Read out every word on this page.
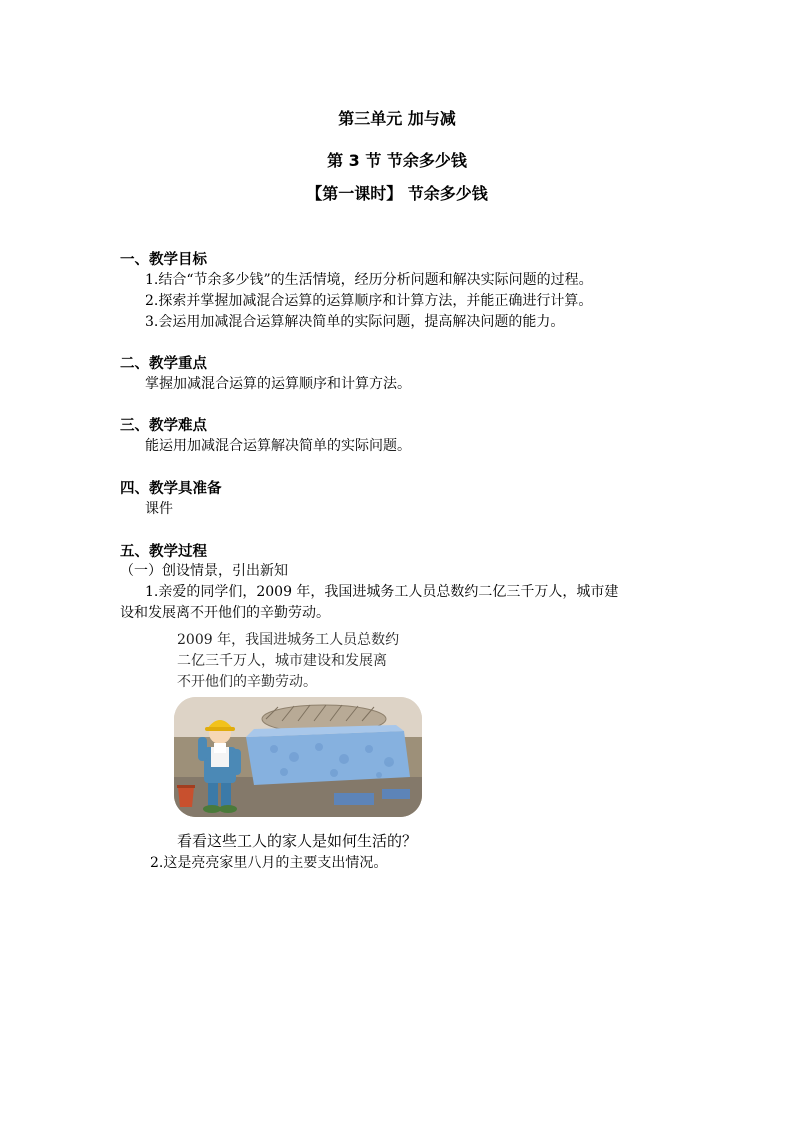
第三单元 加与减
第 3 节 节余多少钱
【第一课时】 节余多少钱
一、教学目标
1.结合“节余多少钱”的生活情境，经历分析问题和解决实际问题的过程。
2.探索并掌握加减混合运算的运算顺序和计算方法，并能正确进行计算。
3.会运用加减混合运算解决简单的实际问题，提高解决问题的能力。
二、教学重点
掌握加减混合运算的运算顺序和计算方法。
三、教学难点
能运用加减混合运算解决简单的实际问题。
四、教学具准备
课件
五、教学过程
（一）创设情景，引出新知
1.亲爱的同学们，2009 年，我国进城务工人员总数约二亿三千万人，城市建
设和发展离不开他们的辛勤劳动。
2009 年，我国进城务工人员总数约
二亿三千万人，城市建设和发展离
不开他们的辛勤劳动。
看看这些工人的家人是如何生活的？
2.这是亮亮家里八月的主要支出情况。
